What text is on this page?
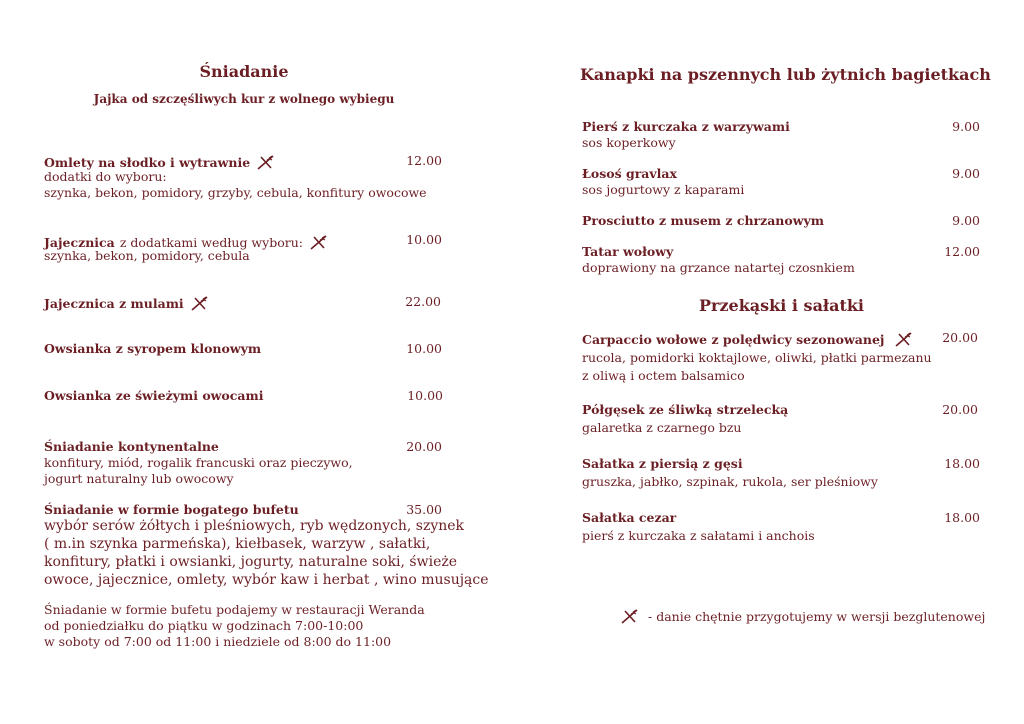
Śniadanie
Jajka od szczęśliwych kur z wolnego wybiegu
Omlety na słodko i wytrawnie	12.00
dodatki do wyboru:
szynka, bekon, pomidory, grzyby, cebula, konfitury owocowe
Jajecznica z dodatkami według wyboru:	10.00
szynka, bekon, pomidory, cebula
Jajecznica z mulami	22.00
Owsianka z syropem klonowym	10.00
Owsianka ze świeżymi owocami	10.00
Śniadanie kontynentalne	20.00
konfitury, miód, rogalik francuski oraz pieczywo,
jogurt naturalny lub owocowy
Śniadanie w formie bogatego bufetu	35.00
wybór serów żółtych i pleśniowych, ryb wędzonych, szynek
( m.in szynka parmeńska), kiełbasek, warzyw , sałatki,
konfitury, płatki i owsianki, jogurty, naturalne soki, świeże
owoce, jajecznice, omlety, wybór kaw i herbat , wino musujące
Śniadanie w formie bufetu podajemy w restauracji Weranda
od poniedziałku do piątku w godzinach 7:00-10:00
w soboty od 7:00 od 11:00 i niedziele od 8:00 do 11:00
Kanapki na pszennych lub żytnich bagietkach
Pierś z kurczaka z warzywami	9.00
sos koperkowy
Łosoś gravlax	9.00
sos jogurtowy z kaparami
Prosciutto z musem z chrzanowym	9.00
Tatar wołowy	12.00
doprawiony na grzance natartej czosnkiem
Przekąski i sałatki
Carpaccio wołowe z polędwicy sezonowanej	20.00
rucola, pomidorki koktajlowe, oliwki, płatki parmezanu
z oliwą i octem balsamico
Półgęsek ze śliwką strzelecką	20.00
galaretka z czarnego bzu
Sałatka z piersią z gęsi	18.00
gruszka, jabłko, szpinak, rukola, ser pleśniowy
Sałatka cezar	18.00
pierś z kurczaka z sałatami i anchois
- danie chętnie przygotujemy w wersji bezglutenowej
